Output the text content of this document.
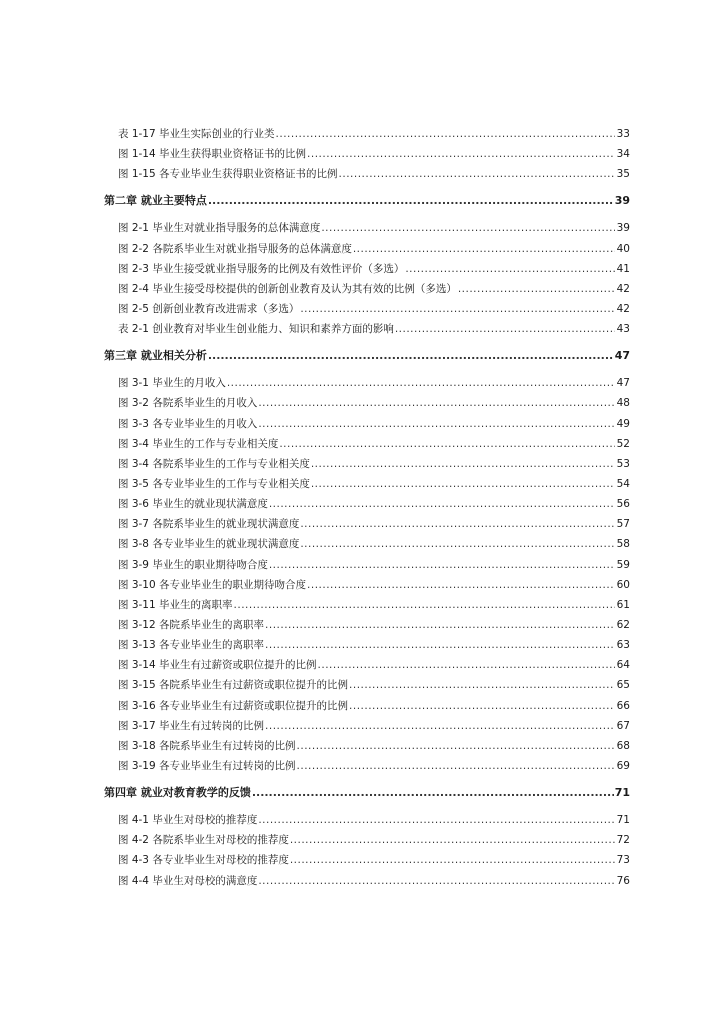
表 1-17 毕业生实际创业的行业类 .....	33
图 1-14 毕业生获得职业资格证书的比例 .....	34
图 1-15 各专业毕业生获得职业资格证书的比例 .....	35
第二章 就业主要特点 .....	39
图 2-1 毕业生对就业指导服务的总体满意度 .....	39
图 2-2 各院系毕业生对就业指导服务的总体满意度 .....	40
图 2-3 毕业生接受就业指导服务的比例及有效性评价（多选） .....	41
图 2-4 毕业生接受母校提供的创新创业教育及认为其有效的比例（多选） .....	42
图 2-5 创新创业教育改进需求（多选） .....	42
表 2-1 创业教育对毕业生创业能力、知识和素养方面的影响 .....	43
第三章 就业相关分析 .....	47
图 3-1 毕业生的月收入 .....	47
图 3-2 各院系毕业生的月收入 .....	48
图 3-3 各专业毕业生的月收入 .....	49
图 3-4 毕业生的工作与专业相关度 .....	52
图 3-4 各院系毕业生的工作与专业相关度 .....	53
图 3-5 各专业毕业生的工作与专业相关度 .....	54
图 3-6 毕业生的就业现状满意度 .....	56
图 3-7 各院系毕业生的就业现状满意度 .....	57
图 3-8 各专业毕业生的就业现状满意度 .....	58
图 3-9 毕业生的职业期待吻合度 .....	59
图 3-10 各专业毕业生的职业期待吻合度 .....	60
图 3-11 毕业生的离职率 .....	61
图 3-12 各院系毕业生的离职率 .....	62
图 3-13 各专业毕业生的离职率 .....	63
图 3-14 毕业生有过薪资或职位提升的比例 .....	64
图 3-15 各院系毕业生有过薪资或职位提升的比例 .....	65
图 3-16 各专业毕业生有过薪资或职位提升的比例 .....	66
图 3-17 毕业生有过转岗的比例 .....	67
图 3-18 各院系毕业生有过转岗的比例 .....	68
图 3-19 各专业毕业生有过转岗的比例 .....	69
第四章 就业对教育教学的反馈 .....	71
图 4-1 毕业生对母校的推荐度 .....	71
图 4-2 各院系毕业生对母校的推荐度 .....	72
图 4-3 各专业毕业生对母校的推荐度 .....	73
图 4-4 毕业生对母校的满意度 .....	76
